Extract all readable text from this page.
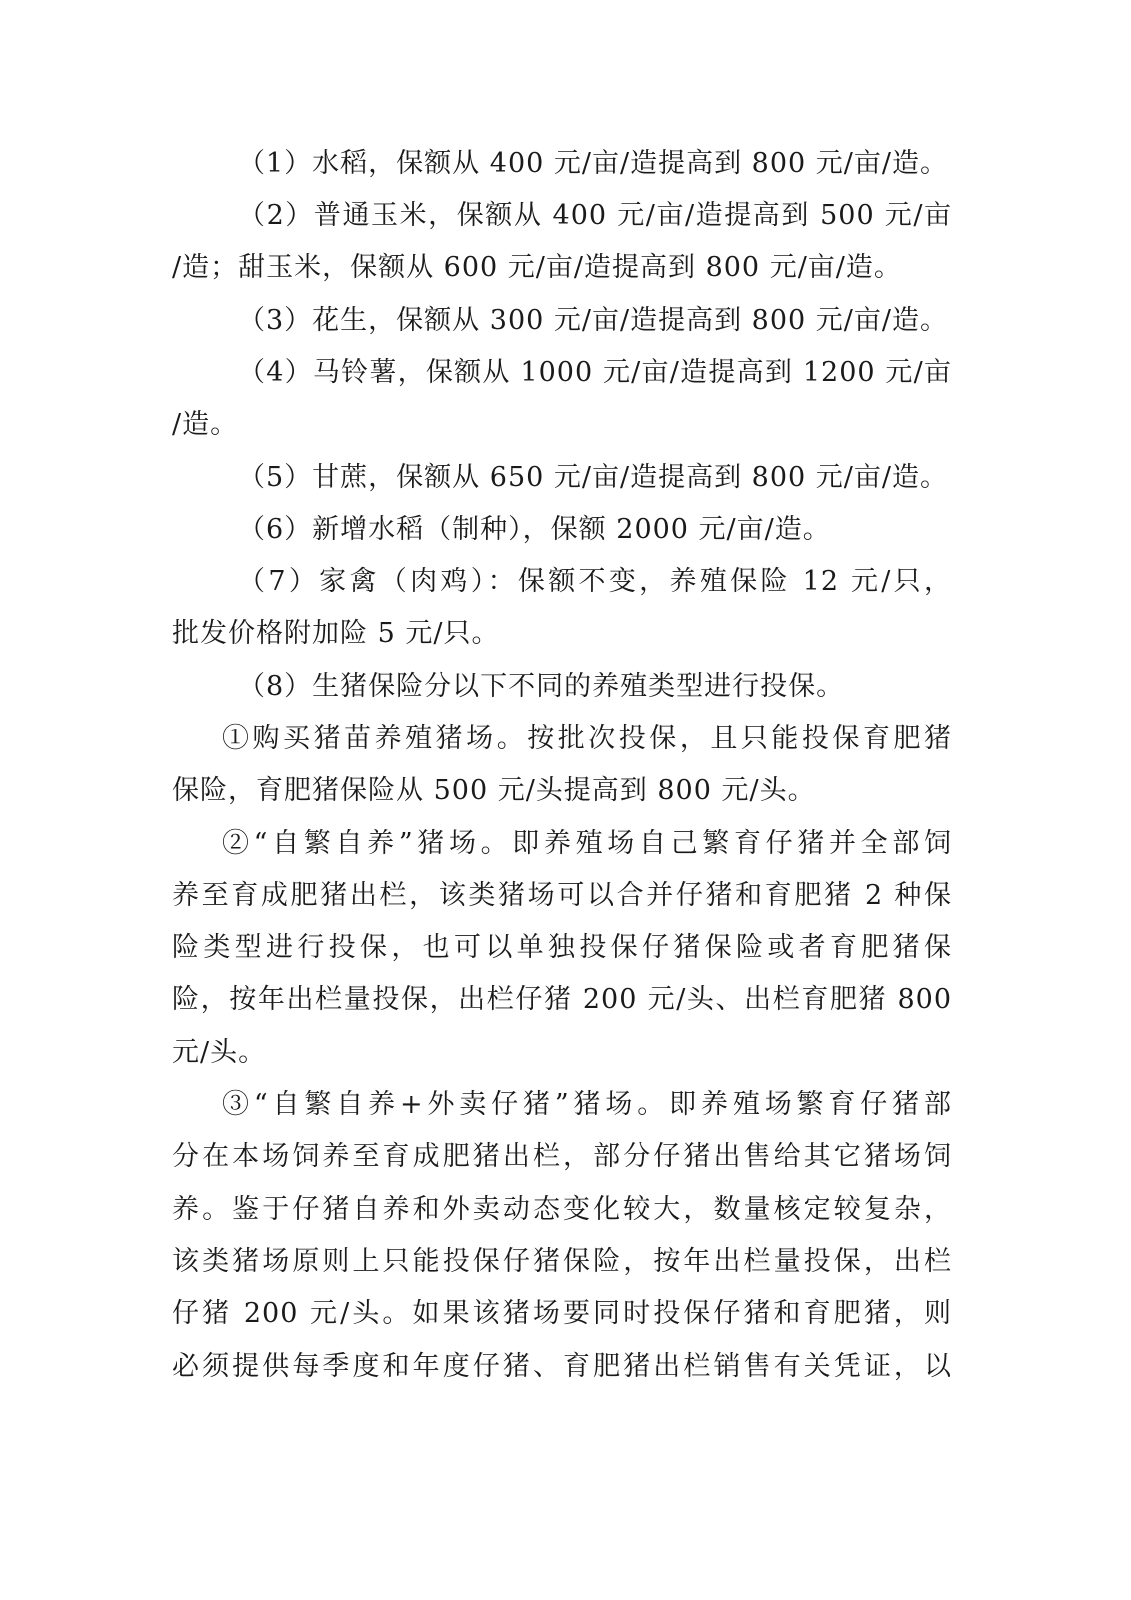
（1）水稻，保额从 400 元/亩/造提高到 800 元/亩/造。
（2）普通玉米，保额从 400 元/亩/造提高到 500 元/亩
/造；甜玉米，保额从 600 元/亩/造提高到 800 元/亩/造。
（3）花生，保额从 300 元/亩/造提高到 800 元/亩/造。
（4）马铃薯，保额从 1000 元/亩/造提高到 1200 元/亩
/造。
（5）甘蔗，保额从 650 元/亩/造提高到 800 元/亩/造。
（6）新增水稻（制种），保额 2000 元/亩/造。
（7）家禽（肉鸡）：保额不变，养殖保险 12 元/只，
批发价格附加险 5 元/只。
（8）生猪保险分以下不同的养殖类型进行投保。
①购买猪苗养殖猪场。按批次投保，且只能投保育肥猪
保险，育肥猪保险从 500 元/头提高到 800 元/头。
②“自繁自养”猪场。即养殖场自己繁育仔猪并全部饲
养至育成肥猪出栏，该类猪场可以合并仔猪和育肥猪 2 种保
险类型进行投保，也可以单独投保仔猪保险或者育肥猪保
险，按年出栏量投保，出栏仔猪 200 元/头、出栏育肥猪 800
元/头。
③“自繁自养+外卖仔猪”猪场。即养殖场繁育仔猪部
分在本场饲养至育成肥猪出栏，部分仔猪出售给其它猪场饲
养。鉴于仔猪自养和外卖动态变化较大，数量核定较复杂，
该类猪场原则上只能投保仔猪保险，按年出栏量投保，出栏
仔猪 200 元/头。如果该猪场要同时投保仔猪和育肥猪，则
必须提供每季度和年度仔猪、育肥猪出栏销售有关凭证，以
